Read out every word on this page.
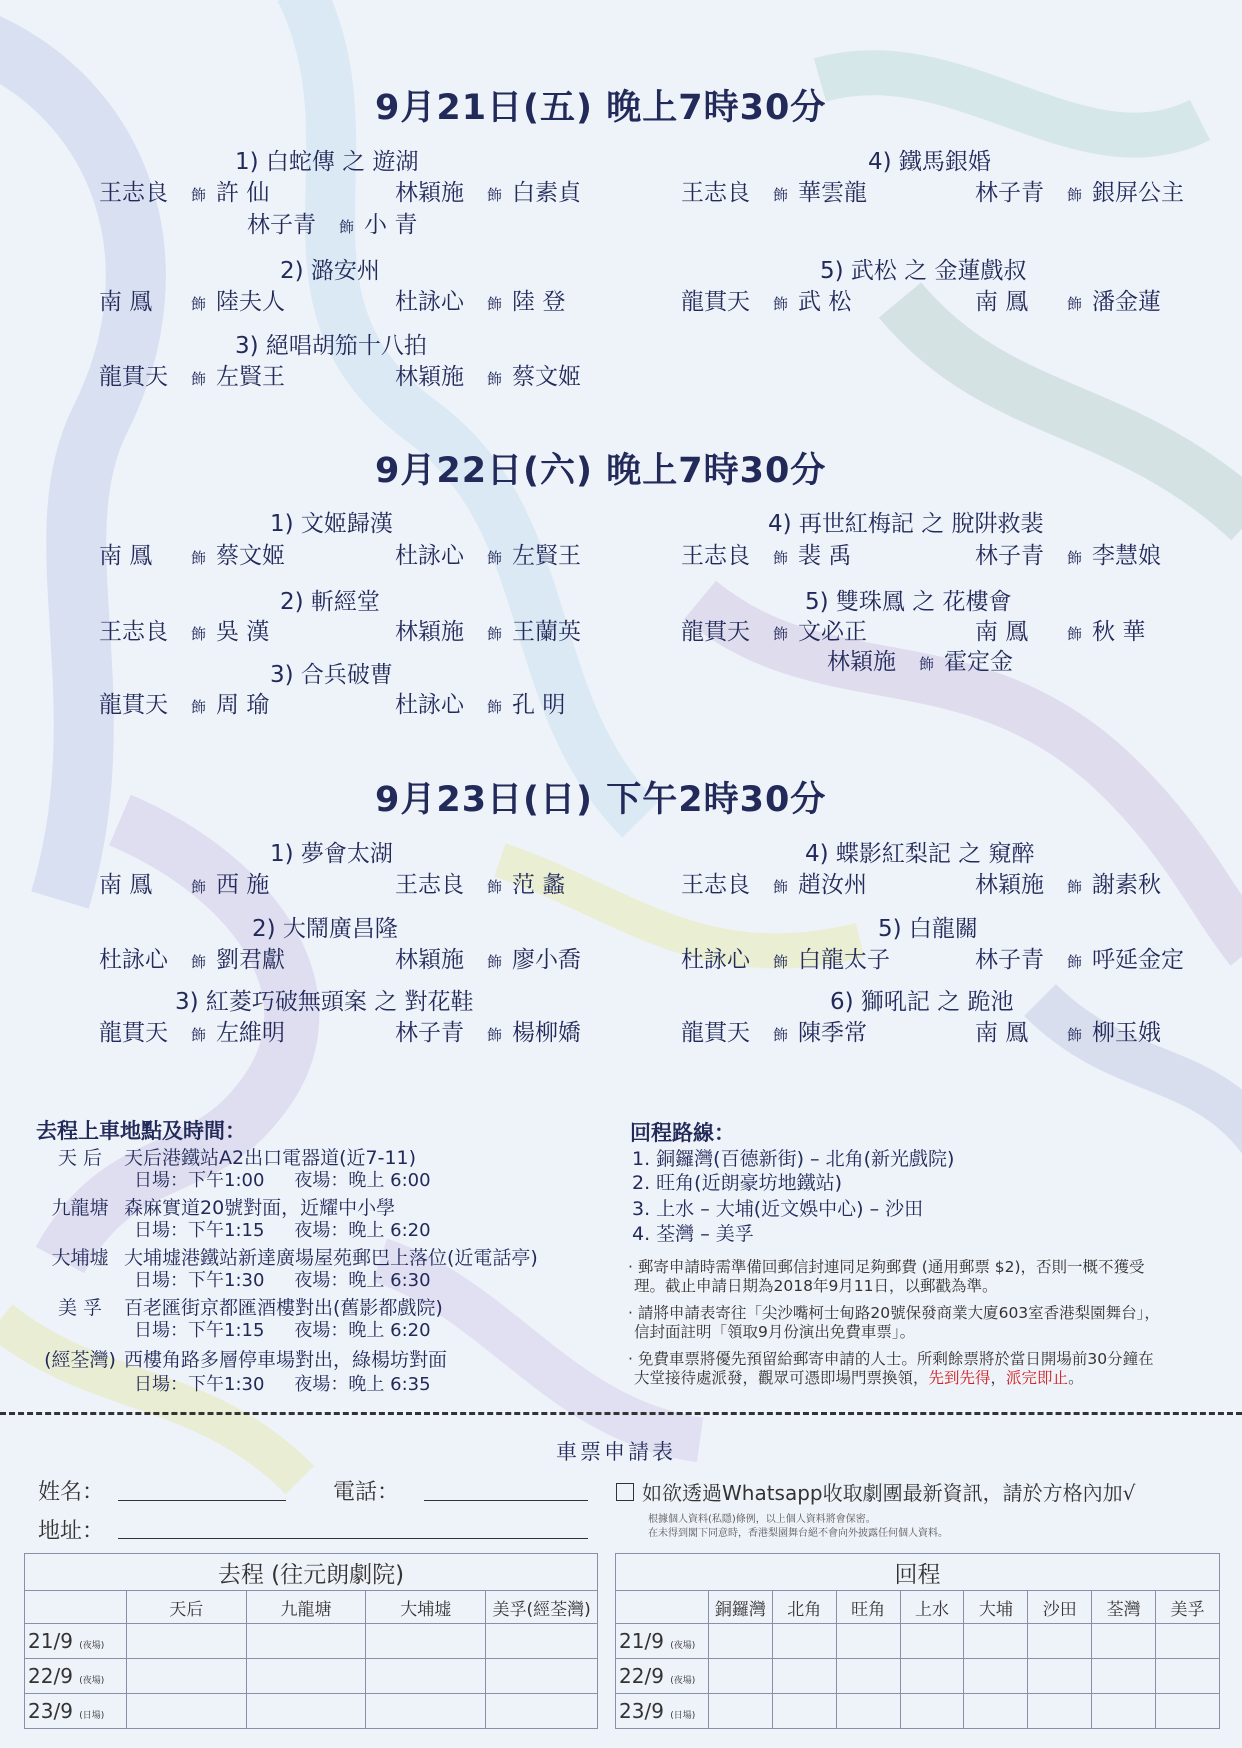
9月21日(五) 晚上7時30分
1) 白蛇傳 之 遊湖
王志良	飾 許 仙	林穎施	飾 白素貞
林子青	飾 小 青
2) 潞安州
南 鳳	飾 陸夫人	杜詠心	飾 陸 登
3) 絕唱胡笳十八拍
龍貫天	飾 左賢王	林穎施	飾 蔡文姬
4) 鐵馬銀婚
王志良	飾 華雲龍	林子青	飾 銀屏公主
5) 武松 之 金蓮戲叔
龍貫天	飾 武 松	南 鳳	飾 潘金蓮
9月22日(六) 晚上7時30分
1) 文姬歸漢
南 鳳	飾 蔡文姬	杜詠心	飾 左賢王
2) 斬經堂
王志良	飾 吳 漢	林穎施	飾 王蘭英
3) 合兵破曹
龍貫天	飾 周 瑜	杜詠心	飾 孔 明
4) 再世紅梅記 之 脫阱救裴
王志良	飾 裴 禹	林子青	飾 李慧娘
5) 雙珠鳳 之 花樓會
龍貫天	飾 文必正	南 鳳	飾 秋 華
林穎施	飾 霍定金
9月23日(日) 下午2時30分
1) 夢會太湖
南 鳳	飾 西 施	王志良	飾 范 蠡
2) 大鬧廣昌隆
杜詠心	飾 劉君獻	林穎施	飾 廖小喬
3) 紅菱巧破無頭案 之 對花鞋
龍貫天	飾 左維明	林子青	飾 楊柳嬌
4) 蝶影紅梨記 之 窺醉
王志良	飾 趙汝州	林穎施	飾 謝素秋
5) 白龍關
杜詠心	飾 白龍太子	林子青	飾 呼延金定
6) 獅吼記 之 跪池
龍貫天	飾 陳季常	南 鳳	飾 柳玉娥
去程上車地點及時間：
天 后 天后港鐵站A2出口電器道(近7-11)
日場：下午1:00 夜場：晚上 6:00
九龍塘 森麻實道20號對面，近耀中小學
日場：下午1:15 夜場：晚上 6:20
大埔墟 大埔墟港鐵站新達廣場屋苑郵巴上落位(近電話亭)
日場：下午1:30 夜場：晚上 6:30
美 孚 百老匯街京都匯酒樓對出(舊影都戲院)
日場：下午1:15 夜場：晚上 6:20
(經荃灣) 西樓角路多層停車場對出，綠楊坊對面
日場：下午1:30 夜場：晚上 6:35
回程路線：
1. 銅鑼灣(百德新街) – 北角(新光戲院)
2. 旺角(近朗豪坊地鐵站)
3. 上水 – 大埔(近文娛中心) – 沙田
4. 荃灣 – 美孚
· 郵寄申請時需準備回郵信封連同足夠郵費 (通用郵票 $2)，否則一概不獲受
理。截止申請日期為2018年9月11日，以郵戳為準。
· 請將申請表寄往「尖沙嘴柯士甸路20號保發商業大廈603室香港梨園舞台」，
信封面註明「領取9月份演出免費車票」。
· 免費車票將優先預留給郵寄申請的人士。所剩餘票將於當日開場前30分鐘在
大堂接待處派發，觀眾可憑即場門票換領，先到先得，派完即止。
車票申請表
姓名：	電話：	如欲透過Whatsapp收取劇團最新資訊，請於方格內加√
根據個人資料(私隱)條例，以上個人資料將會保密。
在未得到閣下同意時，香港梨園舞台絕不會向外披露任何個人資料。
地址：
去程 (往元朗劇院)				
	天后	九龍塘	大埔墟	美孚(經荃灣)
21/9 (夜場)				
22/9 (夜場)				
23/9 (日場)				
回程								
	銅鑼灣	北角	旺角	上水	大埔	沙田	荃灣	美孚
21/9 (夜場)								
22/9 (夜場)								
23/9 (日場)								
